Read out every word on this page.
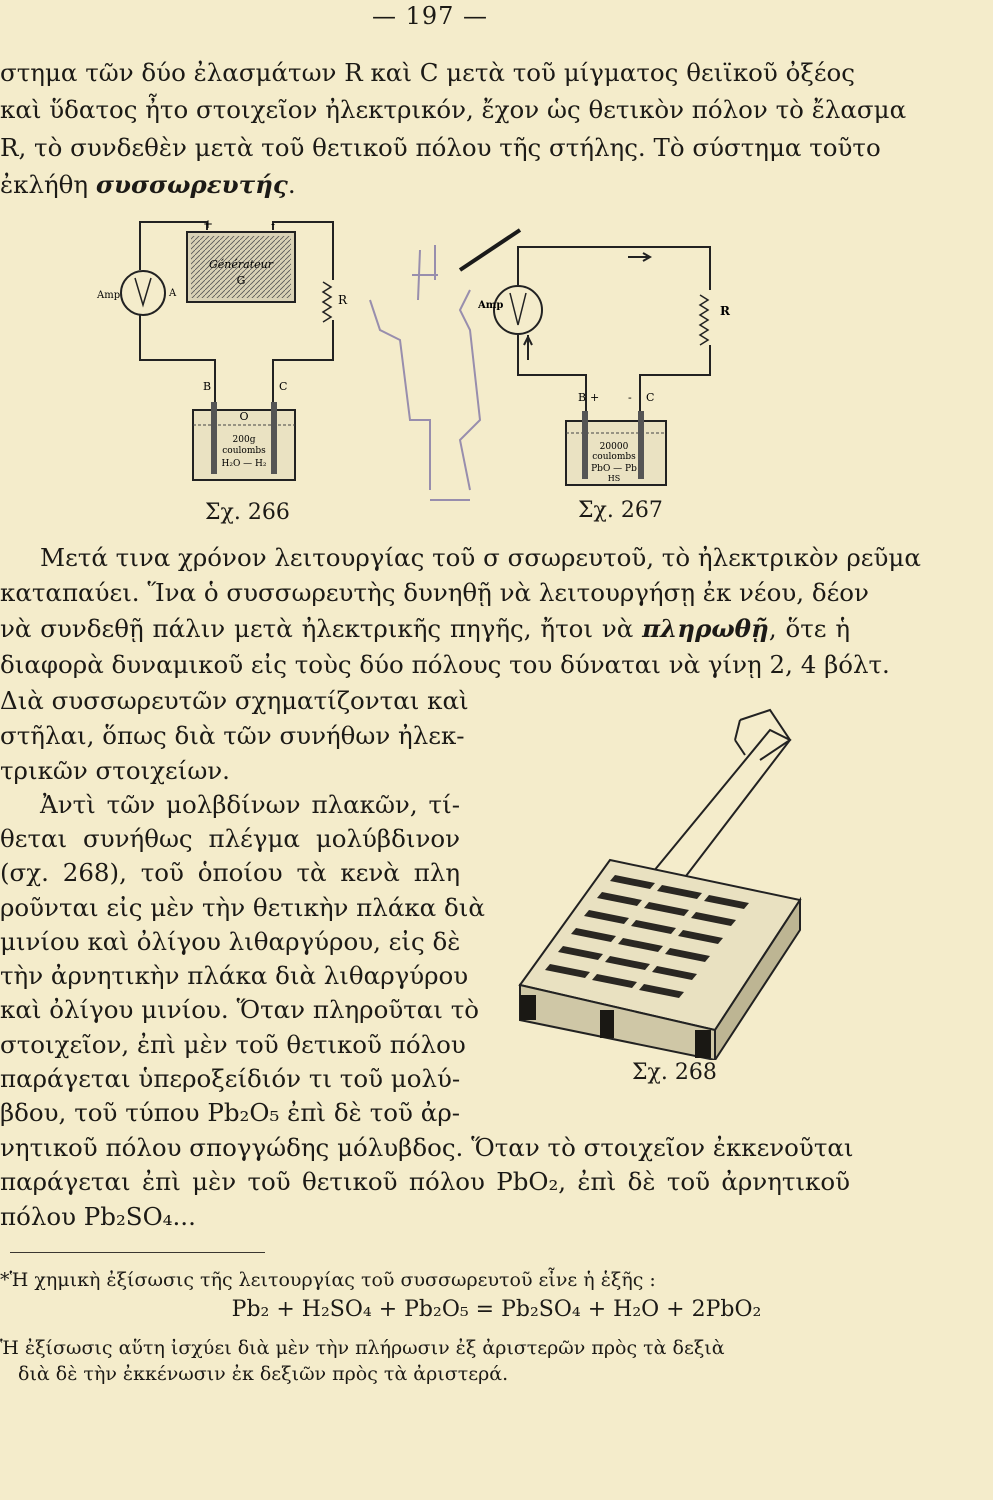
— 197 —
στημα τῶν δύο ἐλασμάτων R καὶ C μετὰ τοῦ μίγματος θειϊκοῦ ὀξέος
καὶ ὕδατος ἦτο στοιχεῖον ἠλεκτρικόν, ἔχον ὡς θετικὸν πόλον τὸ ἔλασμα
R, τὸ συνδεθὲν μετὰ τοῦ θετικοῦ πόλου τῆς στήλης. Τὸ σύστημα τοῦτο
ἐκλήθη συσσωρευτής.
Générateur
G
+	-
Amp	A	R
B	C
200g
coulombs
H₂O — H₂
O
Σχ. 266
Amp	R
B +	- C
20000
coulombs
PbO — Pb
HS
Σχ. 267
Μετά τινα χρόνον λειτουργίας τοῦ σ σσωρευτοῦ, τὸ ἠλεκτρικὸν ρεῦμα
καταπαύει. Ἵνα ὁ συσσωρευτὴς δυνηθῇ νὰ λειτουργήσῃ ἐκ νέου, δέον
νὰ συνδεθῇ πάλιν μετὰ ἠλεκτρικῆς πηγῆς, ἤτοι νὰ πληρωθῇ, ὅτε ἡ
διαφορὰ δυναμικοῦ εἰς τοὺς δύο πόλους του δύναται νὰ γίνῃ 2, 4 βόλτ.
Διὰ συσσωρευτῶν σχηματίζονται καὶ
στῆλαι, ὅπως διὰ τῶν συνήθων ἠλεκ-
τρικῶν στοιχείων.
Ἀντὶ τῶν μολβδίνων πλακῶν, τί-
θεται συνήθως πλέγμα μολύβδινον
(σχ. 268), τοῦ ὁποίου τὰ κενὰ πλη
ροῦνται εἰς μὲν τὴν θετικὴν πλάκα διὰ
μινίου καὶ ὀλίγου λιθαργύρου, εἰς δὲ
τὴν ἀρνητικὴν πλάκα διὰ λιθαργύρου
καὶ ὀλίγου μινίου. Ὅταν πληροῦται τὸ
στοιχεῖον, ἐπὶ μὲν τοῦ θετικοῦ πόλου
παράγεται ὑπεροξείδιόν τι τοῦ μολύ-
βδου, τοῦ τύπου Pb₂O₅ ἐπὶ δὲ τοῦ ἀρ-
νητικοῦ πόλου σπογγώδης μόλυβδος. Ὅταν τὸ στοιχεῖον ἐκκενοῦται
παράγεται ἐπὶ μὲν τοῦ θετικοῦ πόλου PbO₂, ἐπὶ δὲ τοῦ ἀρνητικοῦ
πόλου Pb₂SO₄...
Σχ. 268
*Ἡ χημικὴ ἐξίσωσις τῆς λειτουργίας τοῦ συσσωρευτοῦ εἶνε ἡ ἑξῆς :
Pb₂ + H₂SO₄ + Pb₂O₅ = Pb₂SO₄ + H₂O + 2PbO₂
Ἡ ἐξίσωσις αὕτη ἰσχύει διὰ μὲν τὴν πλήρωσιν ἐξ ἀριστερῶν πρὸς τὰ δεξιὰ
διὰ δὲ τὴν ἐκκένωσιν ἐκ δεξιῶν πρὸς τὰ ἀριστερά.
